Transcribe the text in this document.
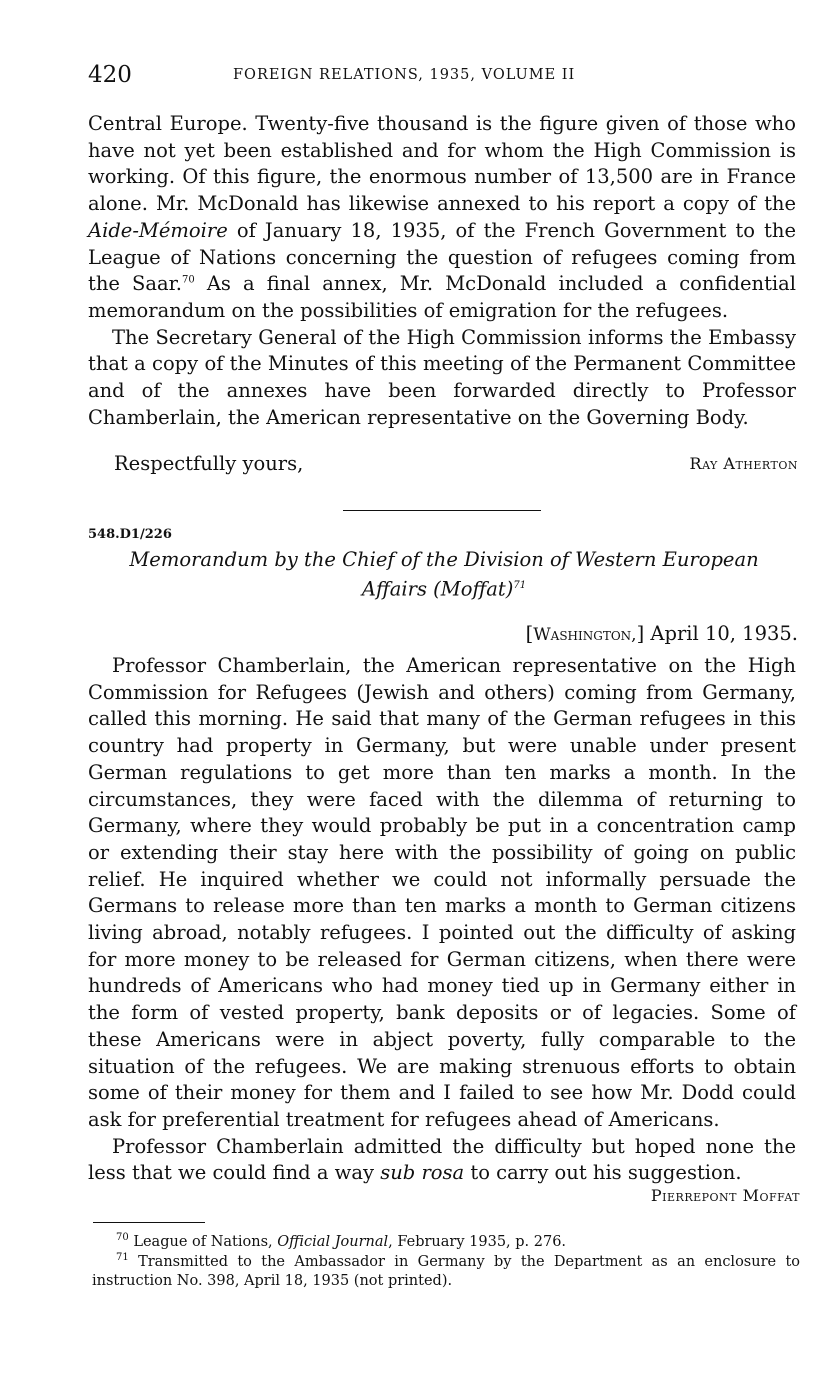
420	FOREIGN RELATIONS, 1935, VOLUME II

Central Europe. Twenty-five thousand is the figure given of those who have not yet been established and for whom the High Commission is working. Of this figure, the enormous number of 13,500 are in France alone. Mr. McDonald has likewise annexed to his report a copy of the Aide-Mémoire of January 18, 1935, of the French Government to the League of Nations concerning the question of refugees coming from the Saar.$^{70}$ As a final annex, Mr. McDonald included a confidential memorandum on the possibilities of emigration for the refugees.

The Secretary General of the High Commission informs the Embassy that a copy of the Minutes of this meeting of the Permanent Committee and of the annexes have been forwarded directly to Professor Chamberlain, the American representative on the Governing Body.

Respectfully yours,	Ray Atherton
548.D1/226
Memorandum by the Chief of the Division of Western European
Affairs (Moffat)$^{71}$
[Washington,] April 10, 1935.

Professor Chamberlain, the American representative on the High Commission for Refugees (Jewish and others) coming from Germany, called this morning. He said that many of the German refugees in this country had property in Germany, but were unable under present German regulations to get more than ten marks a month. In the circumstances, they were faced with the dilemma of returning to Germany, where they would probably be put in a concentration camp or extending their stay here with the possibility of going on public relief. He inquired whether we could not informally persuade the Germans to release more than ten marks a month to German citizens living abroad, notably refugees. I pointed out the difficulty of asking for more money to be released for German citizens, when there were hundreds of Americans who had money tied up in Germany either in the form of vested property, bank deposits or of legacies. Some of these Americans were in abject poverty, fully comparable to the situation of the refugees. We are making strenuous efforts to obtain some of their money for them and I failed to see how Mr. Dodd could ask for preferential treatment for refugees ahead of Americans.

Professor Chamberlain admitted the difficulty but hoped none the less that we could find a way sub rosa to carry out his suggestion.

Pierrepont Moffat

$^{70}$ League of Nations, Official Journal, February 1935, p. 276.

$^{71}$ Transmitted to the Ambassador in Germany by the Department as an enclosure to instruction No. 398, April 18, 1935 (not printed).
